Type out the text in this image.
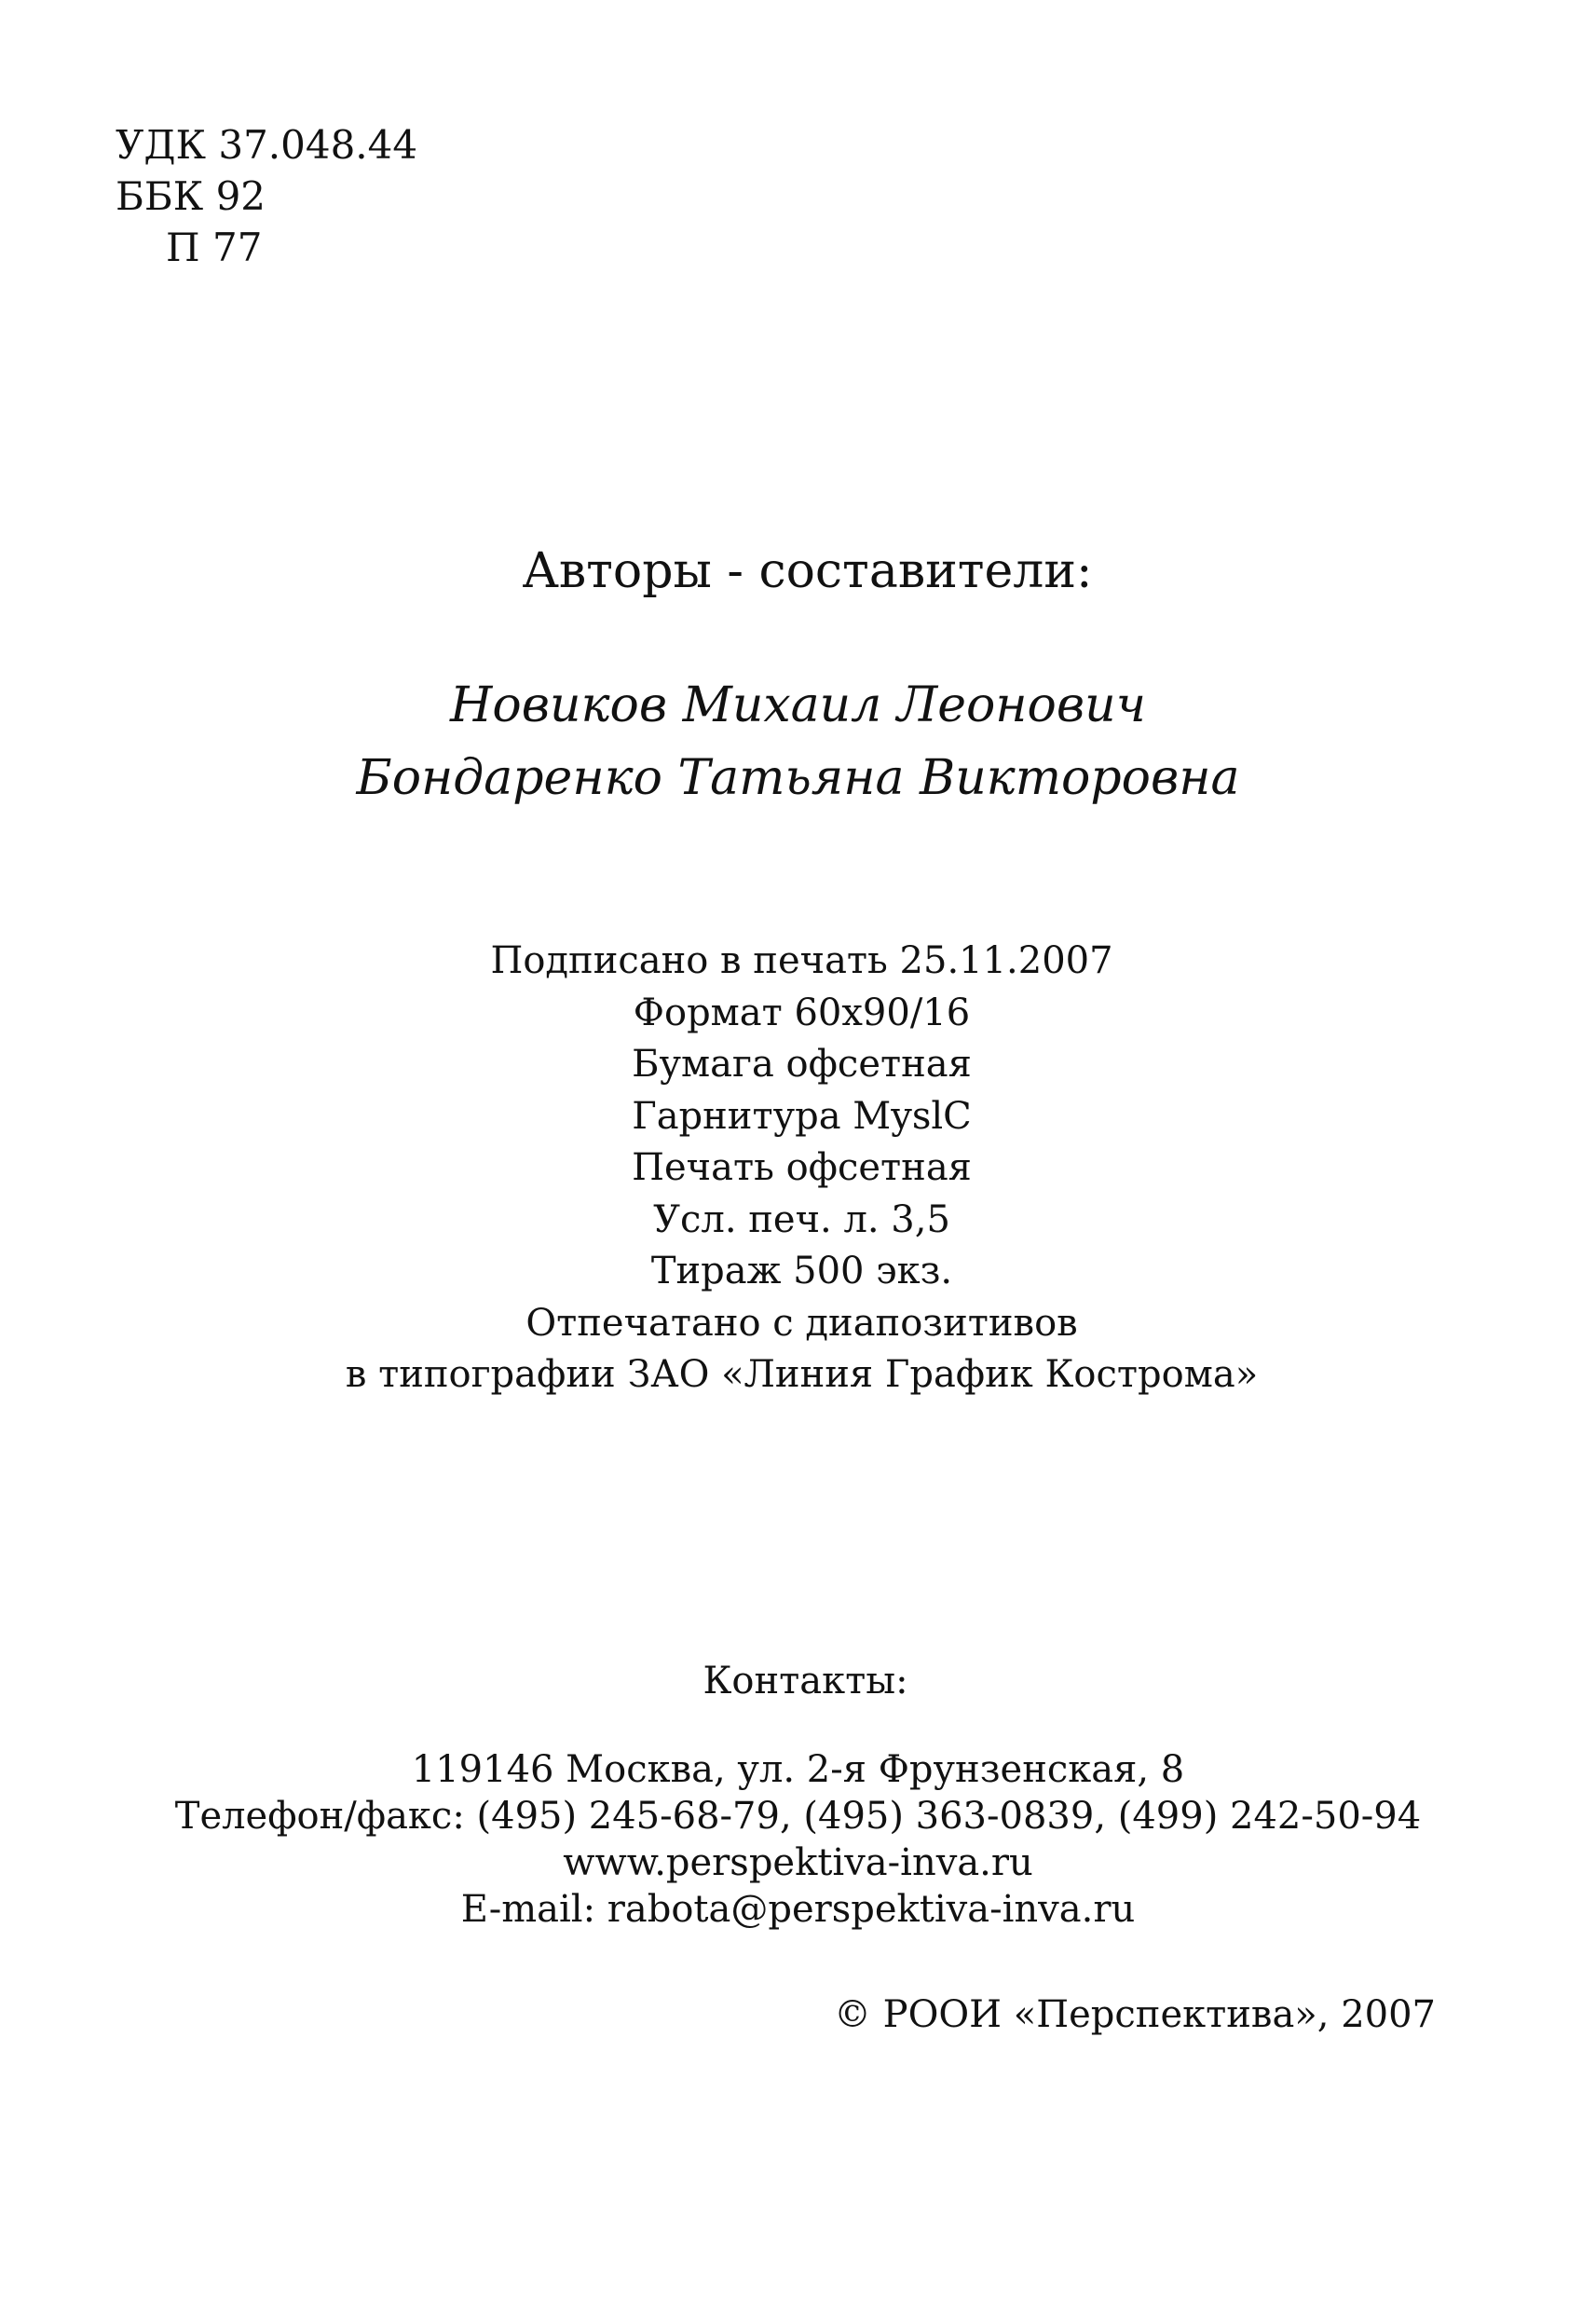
УДК 37.048.44
ББК 92
П 77
Авторы - составители:
Новиков Михаил Леонович
Бондаренко Татьяна Викторовна
Подписано в печать 25.11.2007
Формат 60х90/16
Бумага офсетная
Гарнитура MyslC
Печать офсетная
Усл. печ. л. 3,5
Тираж 500 экз.
Отпечатано с диапозитивов
в типографии ЗАО «Линия График Кострома»
Контакты:
119146 Москва, ул. 2-я Фрунзенская, 8
Телефон/факс: (495) 245-68-79, (495) 363-0839, (499) 242-50-94
www.perspektiva-inva.ru
E-mail: rabota@perspektiva-inva.ru
© РООИ «Перспектива», 2007
